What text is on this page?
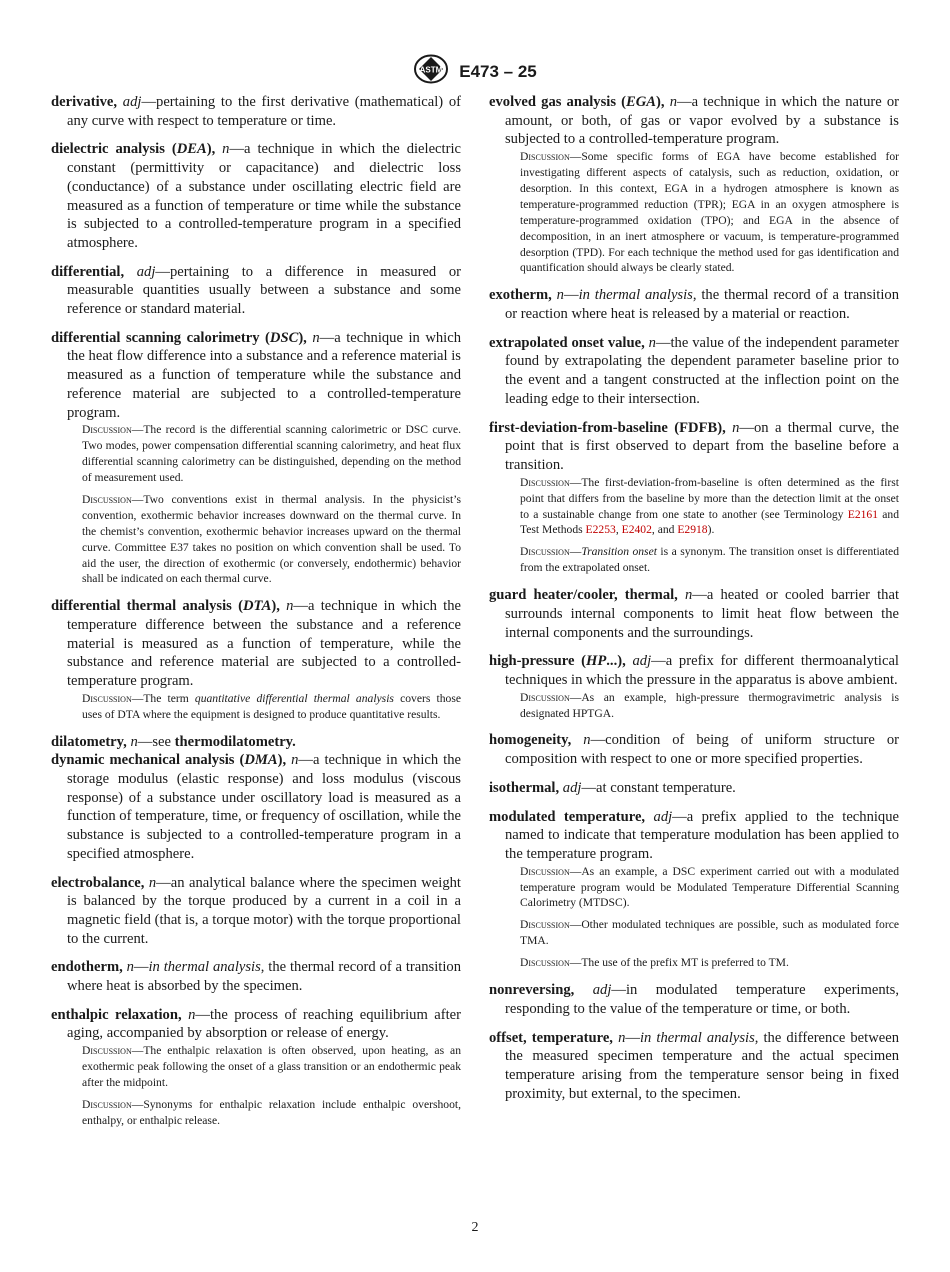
ASTM E473 – 25

derivative, adj—pertaining to the first derivative (mathematical) of any curve with respect to temperature or time.

dielectric analysis (DEA), n—a technique in which the dielectric constant (permittivity or capacitance) and dielectric loss (conductance) of a substance under oscillating electric field are measured as a function of temperature or time while the substance is subjected to a controlled-temperature program in a specified atmosphere.

differential, adj—pertaining to a difference in measured or measurable quantities usually between a substance and some reference or standard material.

differential scanning calorimetry (DSC), n—a technique in which the heat flow difference into a substance and a reference material is measured as a function of temperature while the substance and reference material are subjected to a controlled-temperature program.

Discussion—The record is the differential scanning calorimetric or DSC curve. Two modes, power compensation differential scanning calorimetry, and heat flux differential scanning calorimetry can be distinguished, depending on the method of measurement used.

Discussion—Two conventions exist in thermal analysis. In the physicist’s convention, exothermic behavior increases downward on the thermal curve. In the chemist’s convention, exothermic behavior increases upward on the thermal curve. Committee E37 takes no position on which convention shall be used. To aid the user, the direction of exothermic (or conversely, endothermic) behavior shall be indicated on each thermal curve.

differential thermal analysis (DTA), n—a technique in which the temperature difference between the substance and a reference material is measured as a function of temperature, while the substance and reference material are subjected to a controlled-temperature program.

Discussion—The term quantitative differential thermal analysis covers those uses of DTA where the equipment is designed to produce quantitative results.

dilatometry, n—see thermodilatometry.

dynamic mechanical analysis (DMA), n—a technique in which the storage modulus (elastic response) and loss modulus (viscous response) of a substance under oscillatory load is measured as a function of temperature, time, or frequency of oscillation, while the substance is subjected to a controlled-temperature program in a specified atmosphere.

electrobalance, n—an analytical balance where the specimen weight is balanced by the torque produced by a current in a coil in a magnetic field (that is, a torque motor) with the torque proportional to the current.

endotherm, n—in thermal analysis, the thermal record of a transition where heat is absorbed by the specimen.

enthalpic relaxation, n—the process of reaching equilibrium after aging, accompanied by absorption or release of energy.

Discussion—The enthalpic relaxation is often observed, upon heating, as an exothermic peak following the onset of a glass transition or an endothermic peak after the midpoint.

Discussion—Synonyms for enthalpic relaxation include enthalpic overshoot, enthalpy, or enthalpic release.

evolved gas analysis (EGA), n—a technique in which the nature or amount, or both, of gas or vapor evolved by a substance is subjected to a controlled-temperature program.

Discussion—Some specific forms of EGA have become established for investigating different aspects of catalysis, such as reduction, oxidation, or desorption. In this context, EGA in a hydrogen atmosphere is known as temperature-programmed reduction (TPR); EGA in an oxygen atmosphere is temperature-programmed oxidation (TPO); and EGA in the absence of decomposition, in an inert atmosphere or vacuum, is temperature-programmed desorption (TPD). For each technique the method used for gas identification and quantification should always be clearly stated.

exotherm, n—in thermal analysis, the thermal record of a transition or reaction where heat is released by a material or reaction.

extrapolated onset value, n—the value of the independent parameter found by extrapolating the dependent parameter baseline prior to the event and a tangent constructed at the inflection point on the leading edge to their intersection.

first-deviation-from-baseline (FDFB), n—on a thermal curve, the point that is first observed to depart from the baseline before a transition.

Discussion—The first-deviation-from-baseline is often determined as the first point that differs from the baseline by more than the detection limit at the onset to a sustainable change from one state to another (see Terminology E2161 and Test Methods E2253, E2402, and E2918).

Discussion—Transition onset is a synonym. The transition onset is differentiated from the extrapolated onset.

guard heater/cooler, thermal, n—a heated or cooled barrier that surrounds internal components to limit heat flow between the internal components and the surroundings.

high-pressure (HP...), adj—a prefix for different thermoanalytical techniques in which the pressure in the apparatus is above ambient.

Discussion—As an example, high-pressure thermogravimetric analysis is designated HPTGA.

homogeneity, n—condition of being of uniform structure or composition with respect to one or more specified properties.

isothermal, adj—at constant temperature.

modulated temperature, adj—a prefix applied to the technique named to indicate that temperature modulation has been applied to the temperature program.

Discussion—As an example, a DSC experiment carried out with a modulated temperature program would be Modulated Temperature Differential Scanning Calorimetry (MTDSC).

Discussion—Other modulated techniques are possible, such as modulated force TMA.

Discussion—The use of the prefix MT is preferred to TM.

nonreversing, adj—in modulated temperature experiments, responding to the value of the temperature or time, or both.

offset, temperature, n—in thermal analysis, the difference between the measured specimen temperature and the actual specimen temperature arising from the temperature sensor being in fixed proximity, but external, to the specimen.

2
